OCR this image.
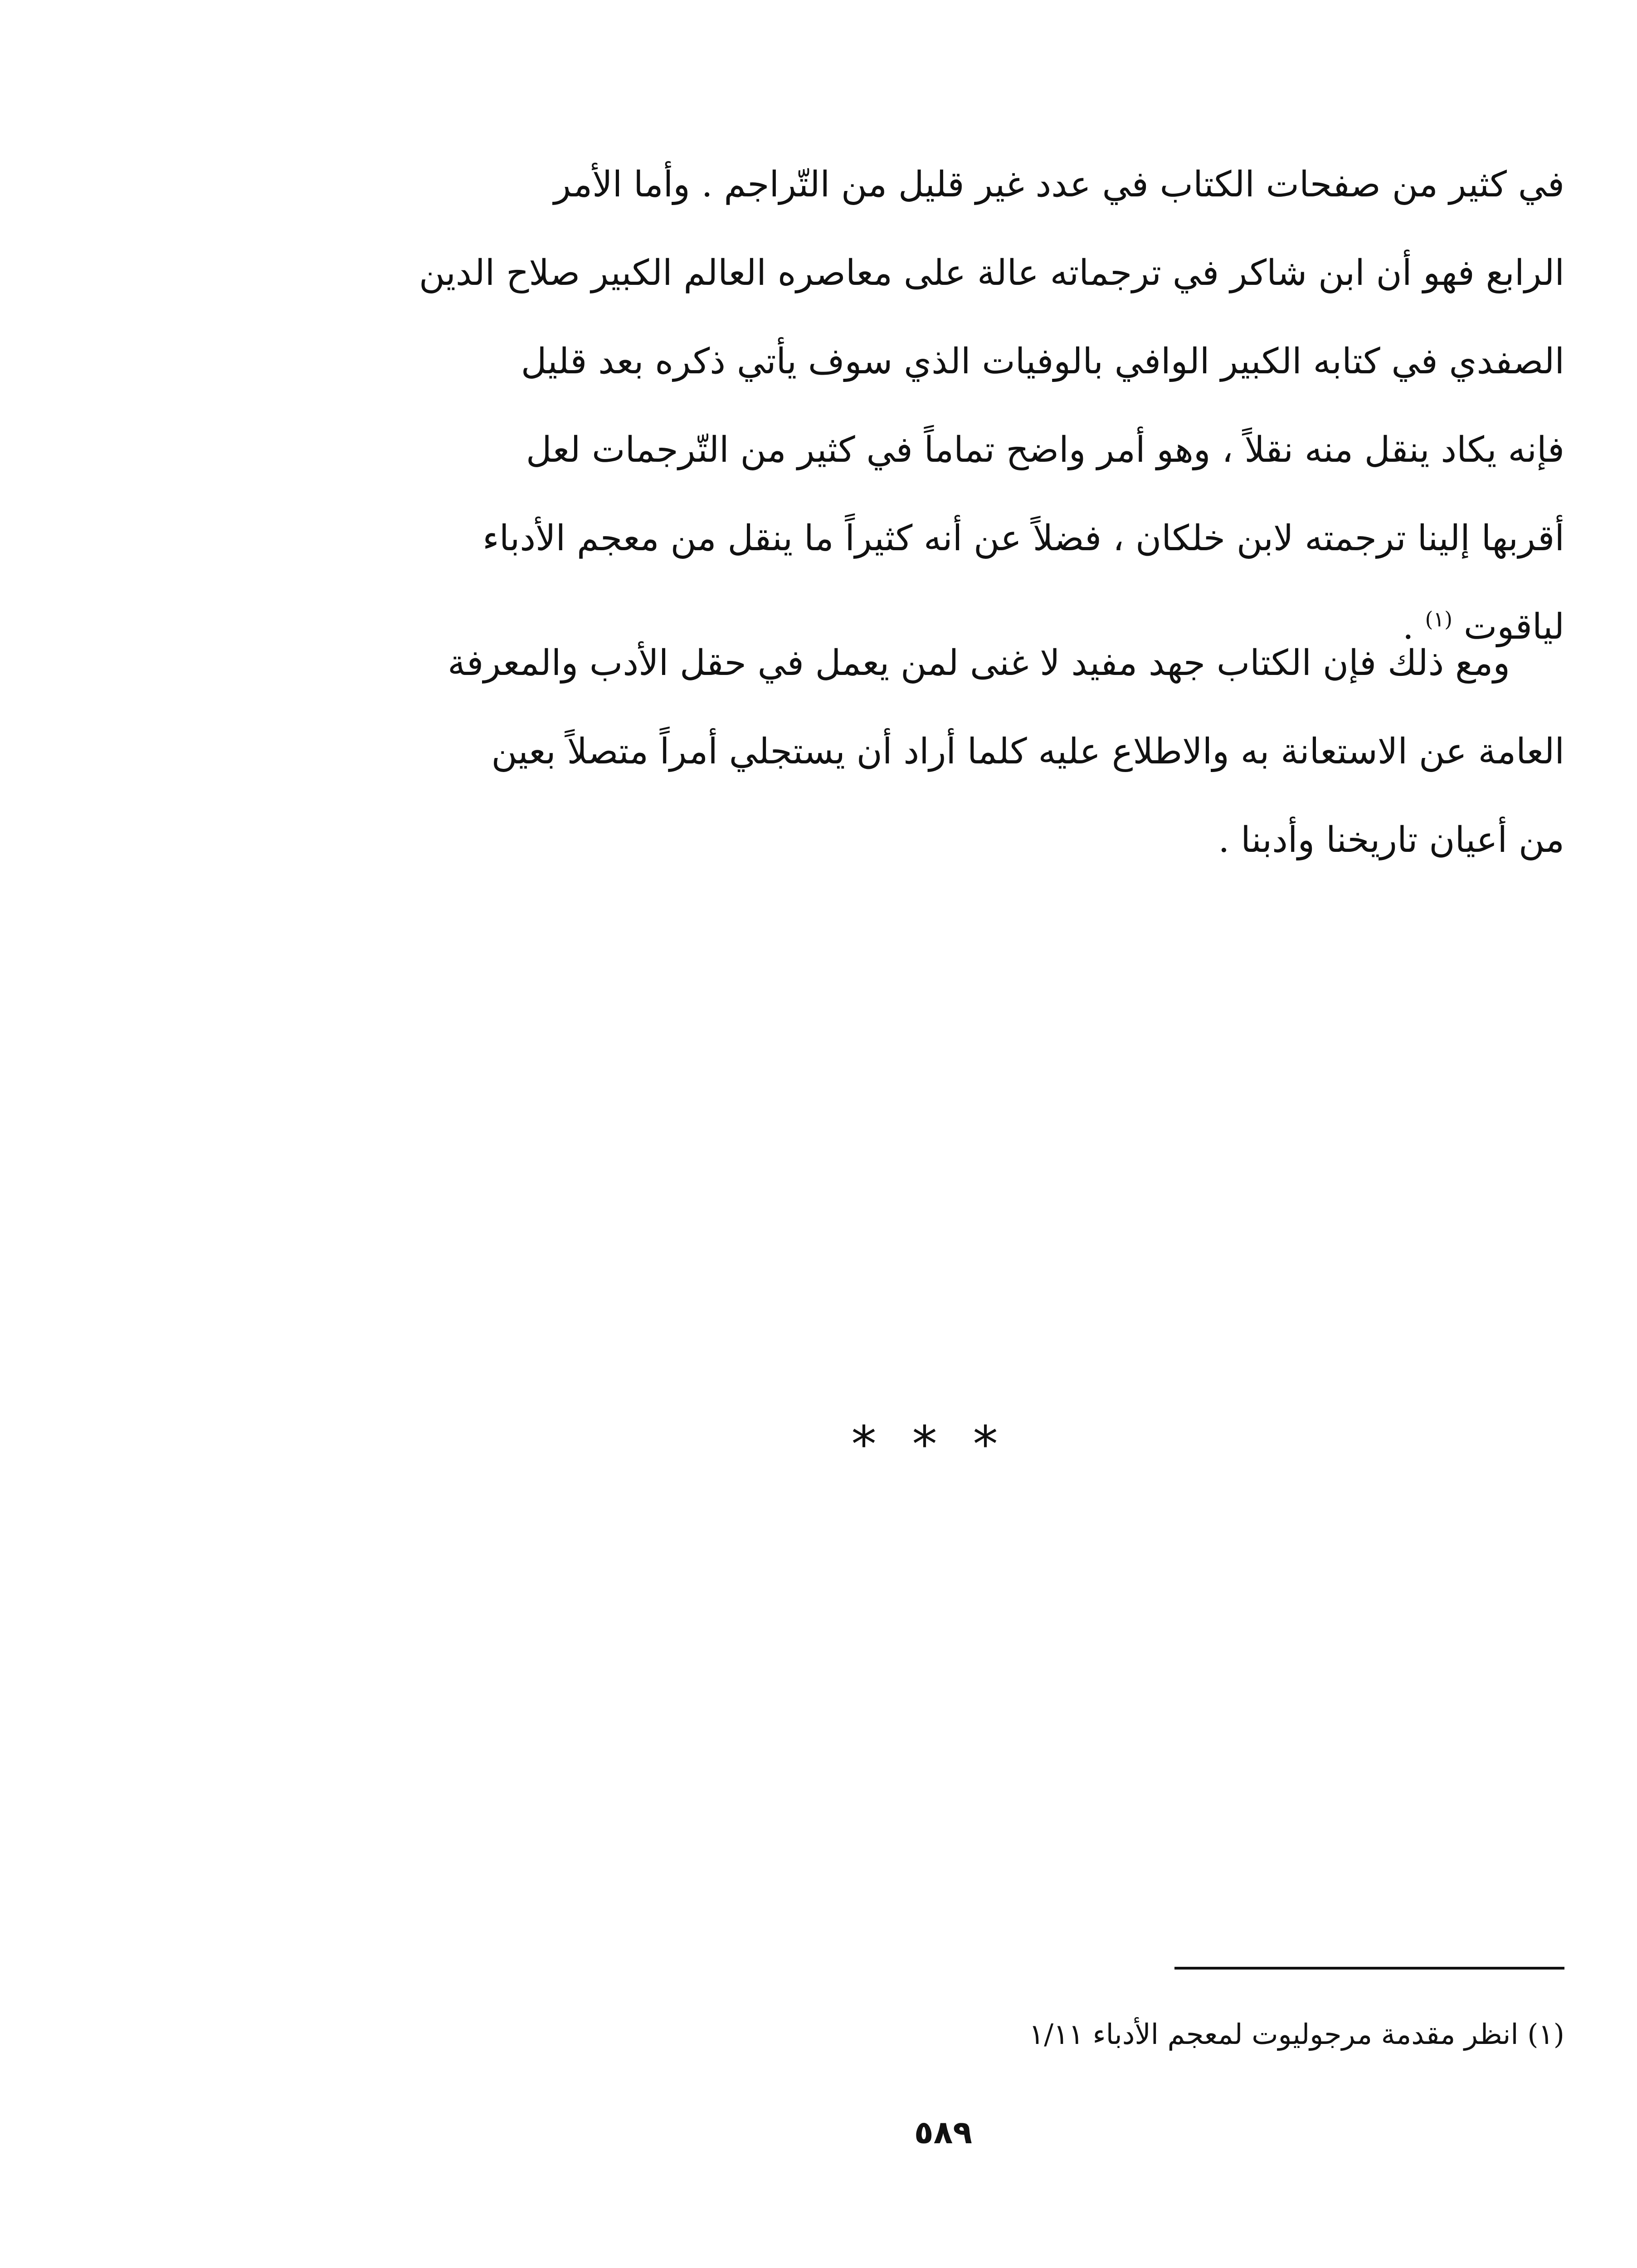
في كثير من صفحات الكتاب في عدد غير قليل من التّراجم . وأما الأمر
الرابع فهو أن ابن شاكر في ترجماته عالة على معاصره العالم الكبير صلاح الدين
الصفدي في كتابه الكبير الوافي بالوفيات الذي سوف يأتي ذكره بعد قليل
فإنه يكاد ينقل منه نقلاً ، وهو أمر واضح تماماً في كثير من التّرجمات لعل
أقربها إلينا ترجمته لابن خلكان ، فضلاً عن أنه كثيراً ما ينقل من معجم الأدباء
لياقوت $^{(١)}$ .
ومع ذلك فإن الكتاب جهد مفيد لا غنى لمن يعمل في حقل الأدب والمعرفة
العامة عن الاستعانة به والاطلاع عليه كلما أراد أن يستجلي أمراً متصلاً بعين
من أعيان تاريخنا وأدبنا .
* * *
(١) انظر مقدمة مرجوليوت لمعجم الأدباء ١/١١
٥٨٩
